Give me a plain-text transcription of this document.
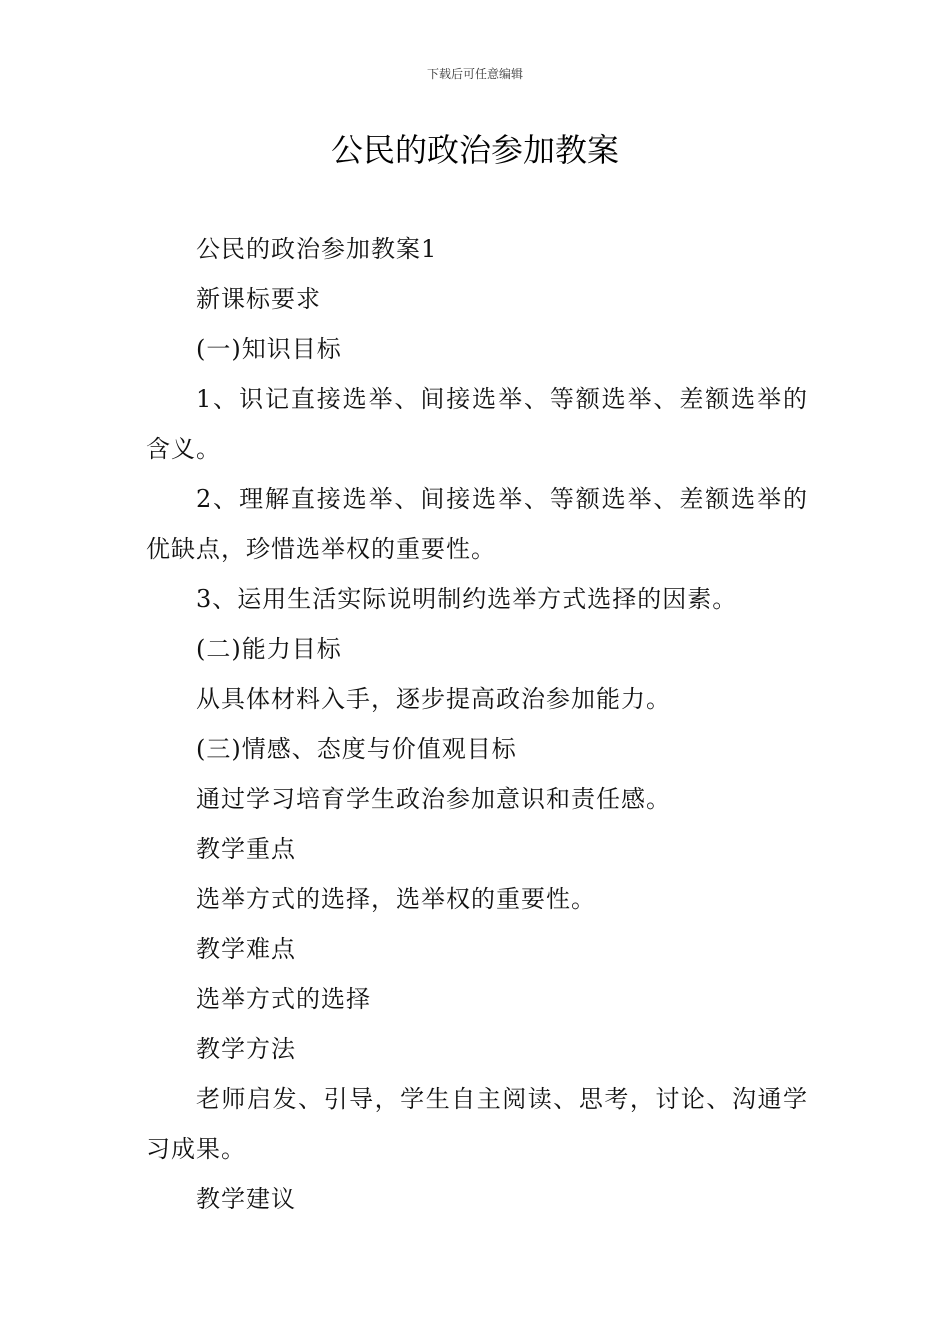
下载后可任意编辑
公民的政治参加教案

公民的政治参加教案1

新课标要求

(一)知识目标

1、识记直接选举、间接选举、等额选举、差额选举的含义。

2、理解直接选举、间接选举、等额选举、差额选举的优缺点，珍惜选举权的重要性。

3、运用生活实际说明制约选举方式选择的因素。

(二)能力目标

从具体材料入手，逐步提高政治参加能力。

(三)情感、态度与价值观目标

通过学习培育学生政治参加意识和责任感。

教学重点

选举方式的选择，选举权的重要性。

教学难点

选举方式的选择

教学方法

老师启发、引导，学生自主阅读、思考，讨论、沟通学习成果。

教学建议
